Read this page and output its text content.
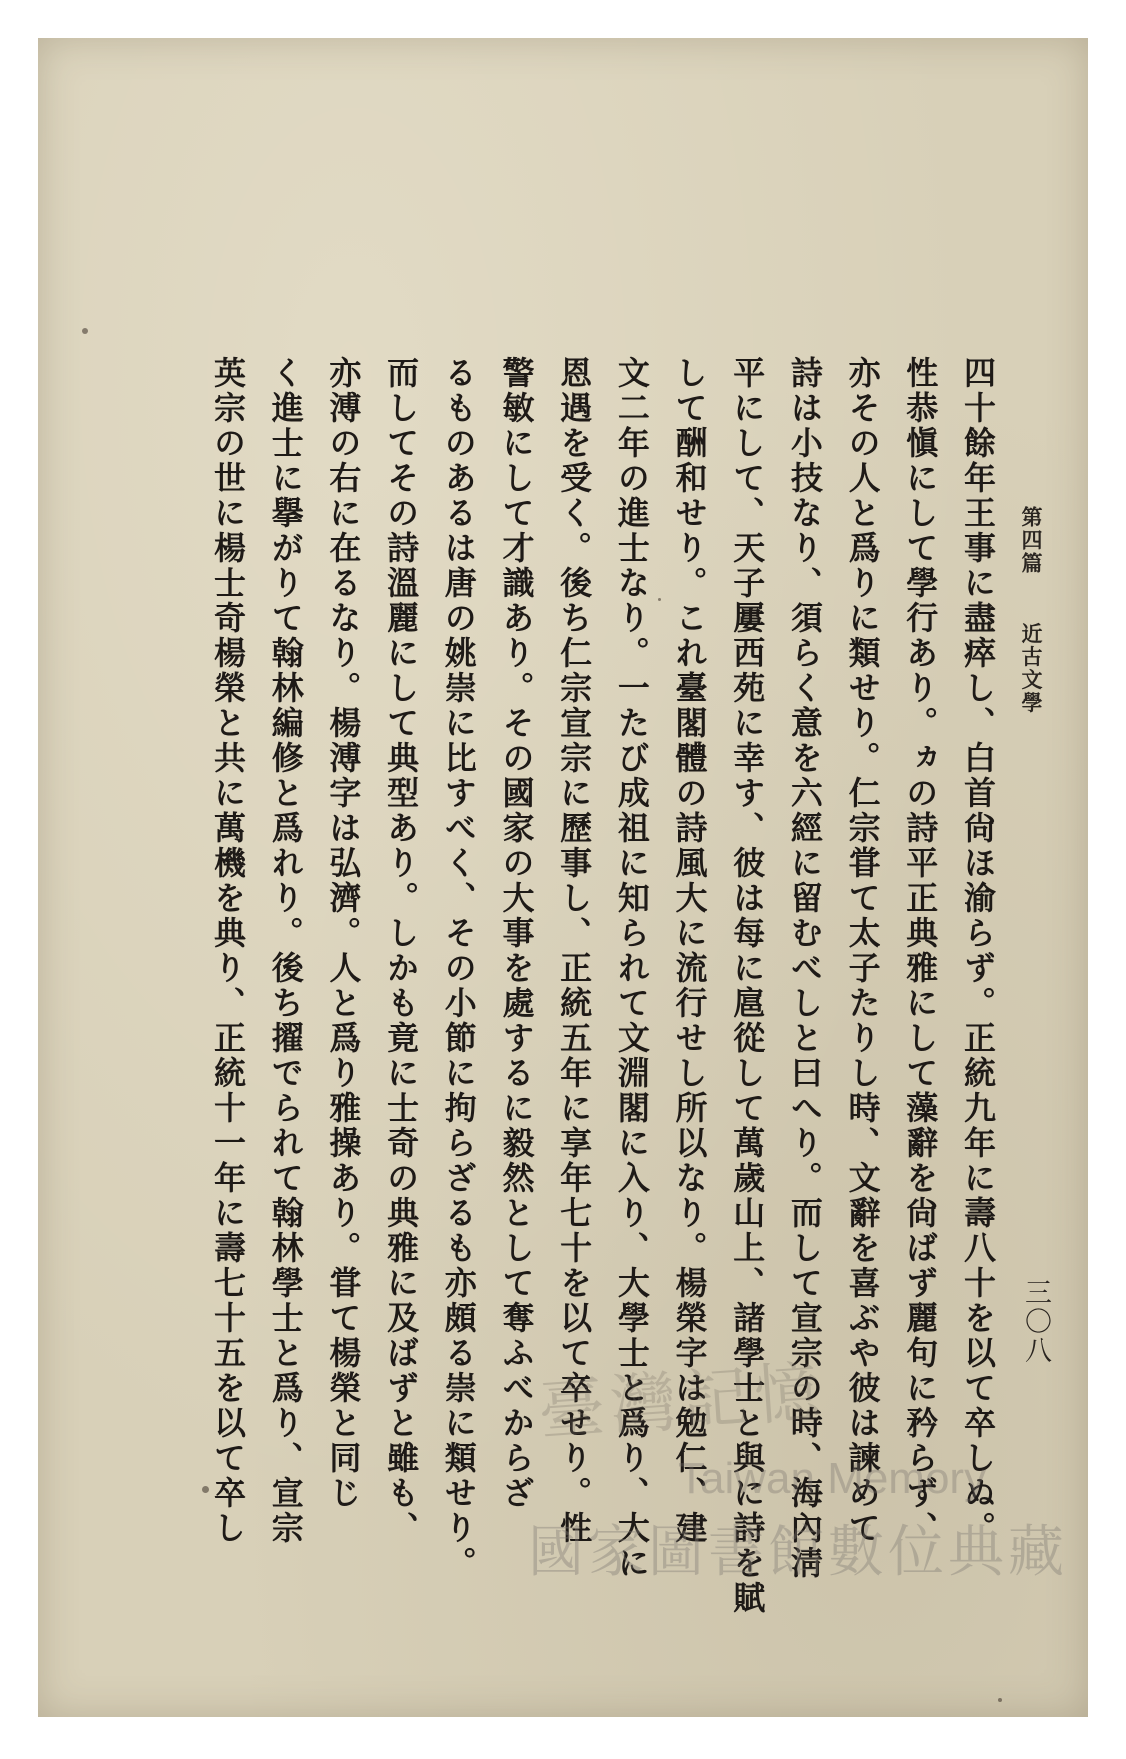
第四篇 近古文學
三〇八
四十餘年王事に盡瘁し、白首尙ほ渝らず。正統九年に壽八十を以て卒しぬ。
性恭愼にして學行あり。ヵの詩平正典雅にして藻辭を尙ばず麗句に矜らず、
亦その人と爲りに類せり。仁宗甞て太子たりし時、文辭を喜ぶや彼は諫めて
詩は小技なり、須らく意を六經に留むべしと曰へり。而して宣宗の時、海內淸
平にして、天子屢西苑に幸す、彼は每に扈從して萬歲山上、諸學士と與に詩を賦
して酬和せり。これ臺閣體の詩風大に流行せし所以なり。楊榮字は勉仁、建
文二年の進士なり。一たび成祖に知られて文淵閣に入り、大學士と爲り、大に
恩遇を受く。後ち仁宗宣宗に歷事し、正統五年に享年七十を以て卒せり。性
警敏にして才識あり。その國家の大事を處するに毅然として奪ふべからざ
るものあるは唐の姚崇に比すべく、その小節に拘らざるも亦頗る崇に類せり。
而してその詩溫麗にして典型あり。しかも竟に士奇の典雅に及ばずと雖も、
亦溥の右に在るなり。楊溥字は弘濟。人と爲り雅操あり。甞て楊榮と同じ
く進士に擧がりて翰林編修と爲れり。後ち擢でられて翰林學士と爲り、宣宗
英宗の世に楊士奇楊榮と共に萬機を典り、正統十一年に壽七十五を以て卒し	臺灣記憶
Taiwan Memory
國家圖書館數位典藏
